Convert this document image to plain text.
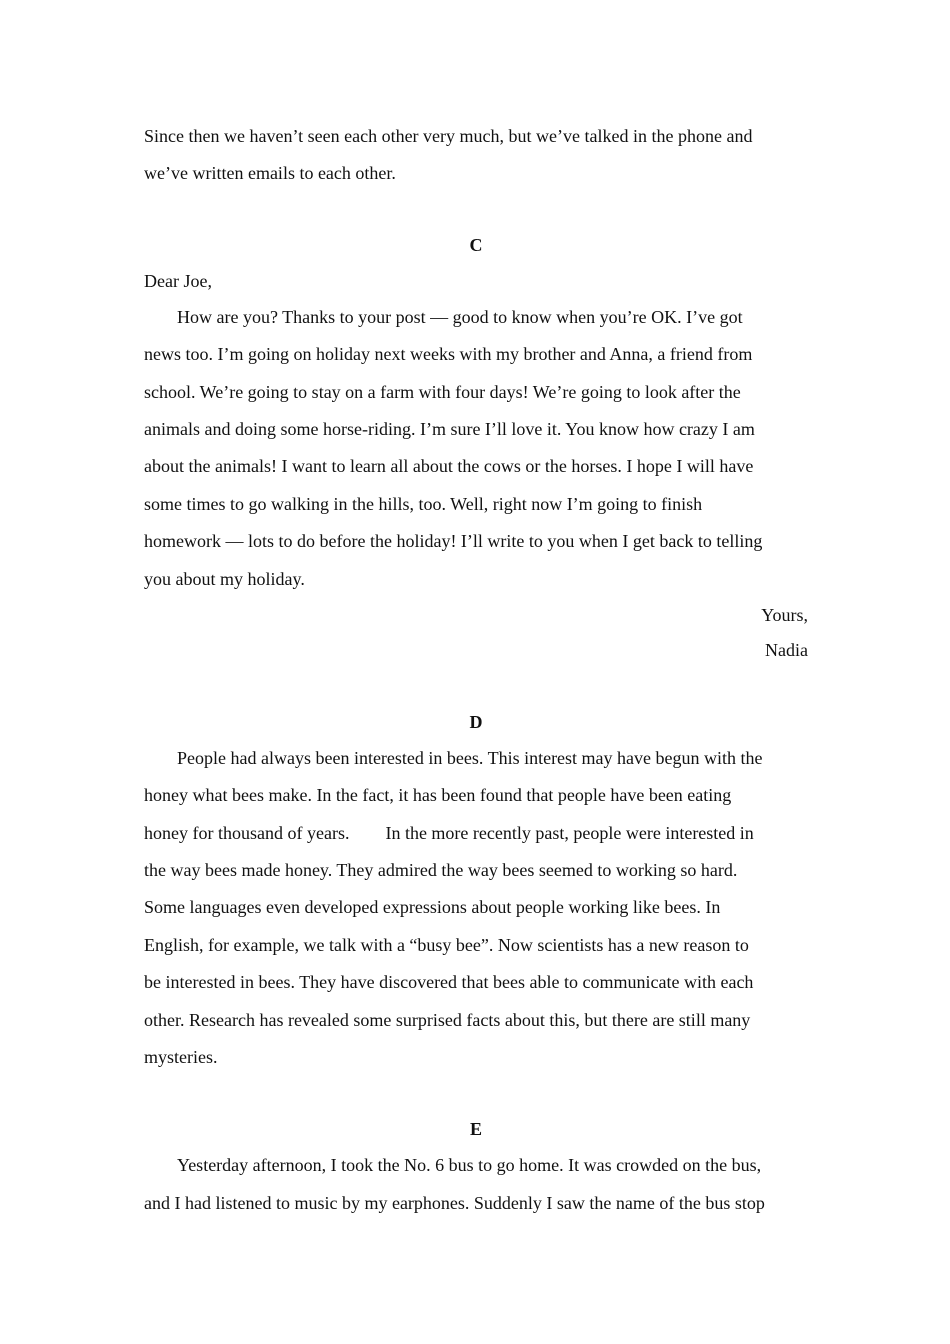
Since then we haven’t seen each other very much, but we’ve talked in the phone and
we’ve written emails to each other.
C
Dear Joe,
How are you? Thanks to your post — good to know when you’re OK. I’ve got
news too. I’m going on holiday next weeks with my brother and Anna, a friend from
school. We’re going to stay on a farm with four days! We’re going to look after the
animals and doing some horse-riding. I’m sure I’ll love it. You know how crazy I am
about the animals! I want to learn all about the cows or the horses. I hope I will have
some times to go walking in the hills, too. Well, right now I’m going to finish
homework — lots to do before the holiday! I’ll write to you when I get back to telling
you about my holiday.
Yours,
Nadia
D
People had always been interested in bees. This interest may have begun with the
honey what bees make. In the fact, it has been found that people have been eating
honey for thousand of years.        In the more recently past, people were interested in
the way bees made honey. They admired the way bees seemed to working so hard.
Some languages even developed expressions about people working like bees. In
English, for example, we talk with a “busy bee”. Now scientists has a new reason to
be interested in bees. They have discovered that bees able to communicate with each
other. Research has revealed some surprised facts about this, but there are still many
mysteries.
E
Yesterday afternoon, I took the No. 6 bus to go home. It was crowded on the bus,
and I had listened to music by my earphones. Suddenly I saw the name of the bus stop
